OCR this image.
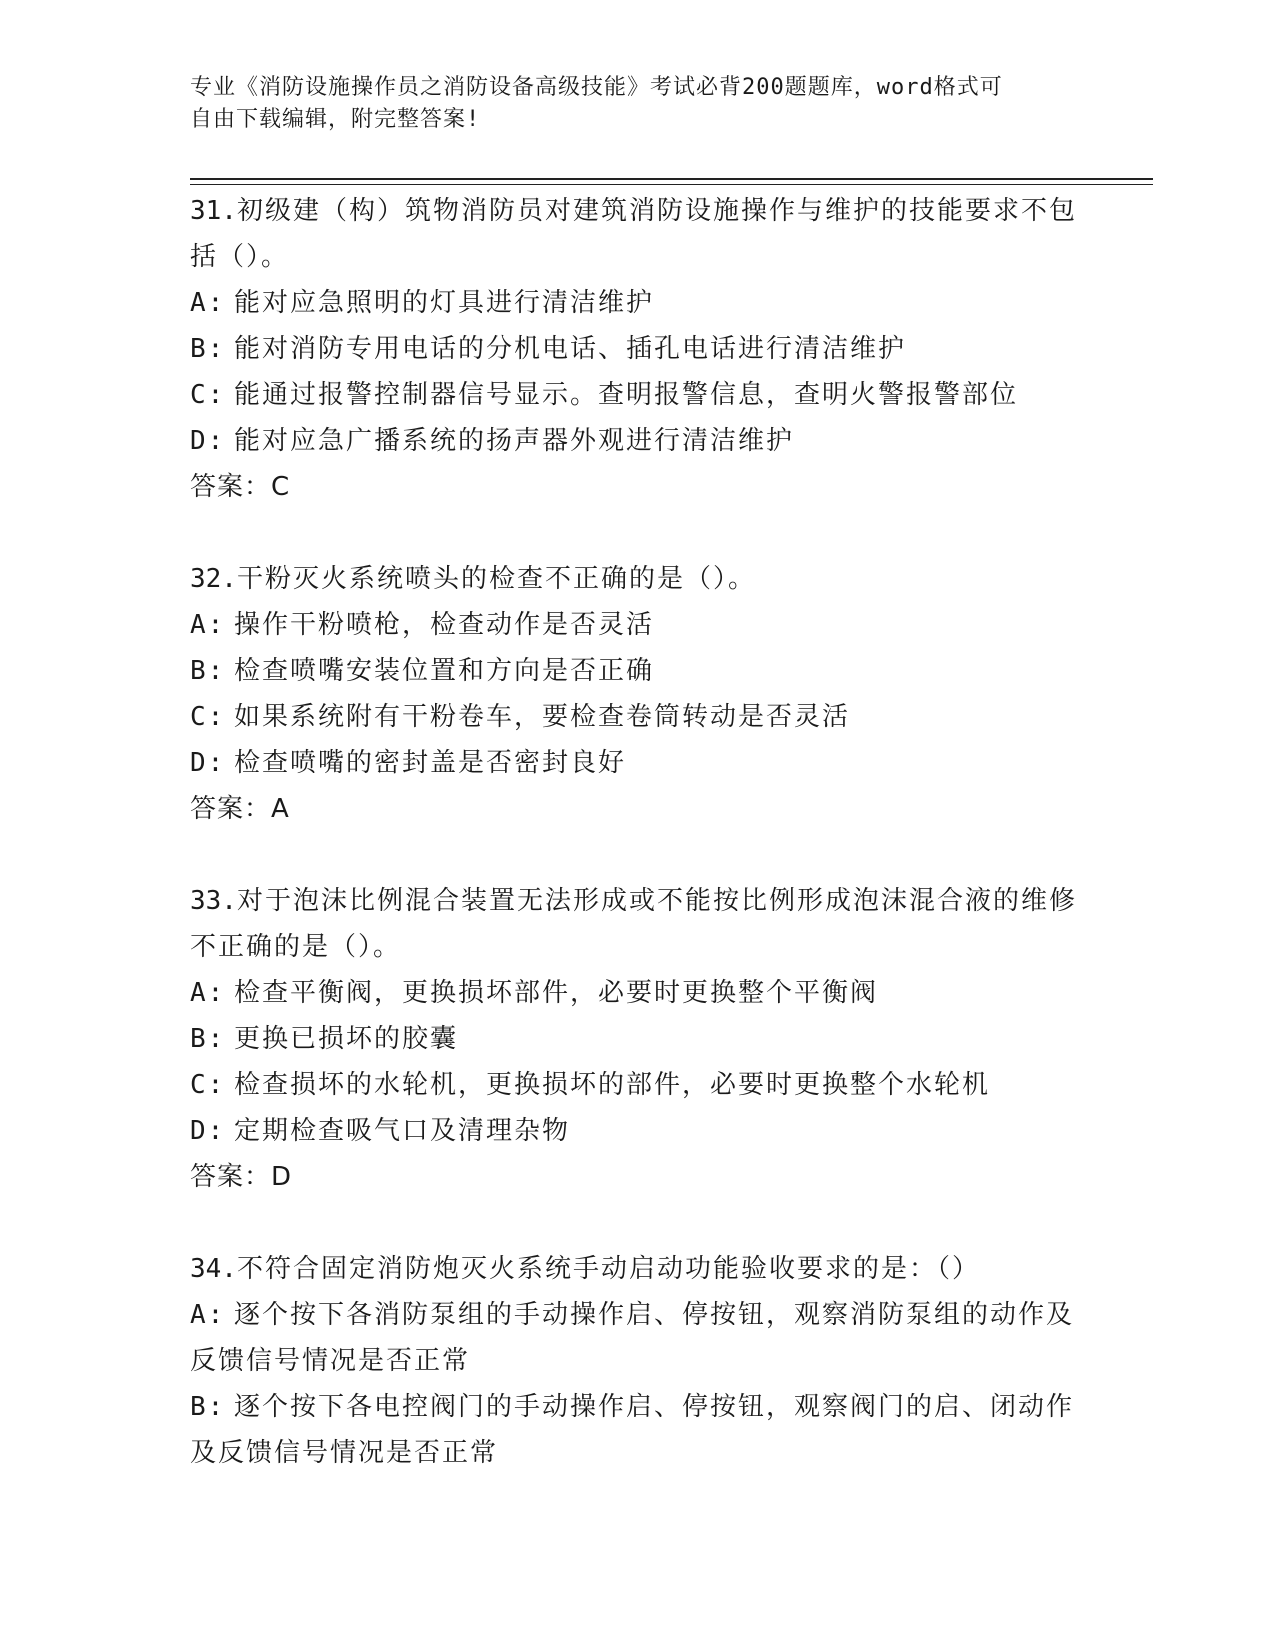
专业《消防设施操作员之消防设备高级技能》考试必背200题题库，word格式可
自由下载编辑，附完整答案!
31.初级建（构）筑物消防员对建筑消防设施操作与维护的技能要求不包括（）。
A: 能对应急照明的灯具进行清洁维护
B: 能对消防专用电话的分机电话、插孔电话进行清洁维护
C: 能通过报警控制器信号显示。查明报警信息，查明火警报警部位
D: 能对应急广播系统的扬声器外观进行清洁维护
答案：C
32.干粉灭火系统喷头的检查不正确的是（）。
A: 操作干粉喷枪，检查动作是否灵活
B: 检查喷嘴安装位置和方向是否正确
C: 如果系统附有干粉卷车，要检查卷筒转动是否灵活
D: 检查喷嘴的密封盖是否密封良好
答案：A
33.对于泡沫比例混合装置无法形成或不能按比例形成泡沫混合液的维修不正确的是（）。
A: 检查平衡阀，更换损坏部件，必要时更换整个平衡阀
B: 更换已损坏的胶囊
C: 检查损坏的水轮机，更换损坏的部件，必要时更换整个水轮机
D: 定期检查吸气口及清理杂物
答案：D
34.不符合固定消防炮灭火系统手动启动功能验收要求的是：（）
A: 逐个按下各消防泵组的手动操作启、停按钮，观察消防泵组的动作及反馈信号情况是否正常
B: 逐个按下各电控阀门的手动操作启、停按钮，观察阀门的启、闭动作及反馈信号情况是否正常
